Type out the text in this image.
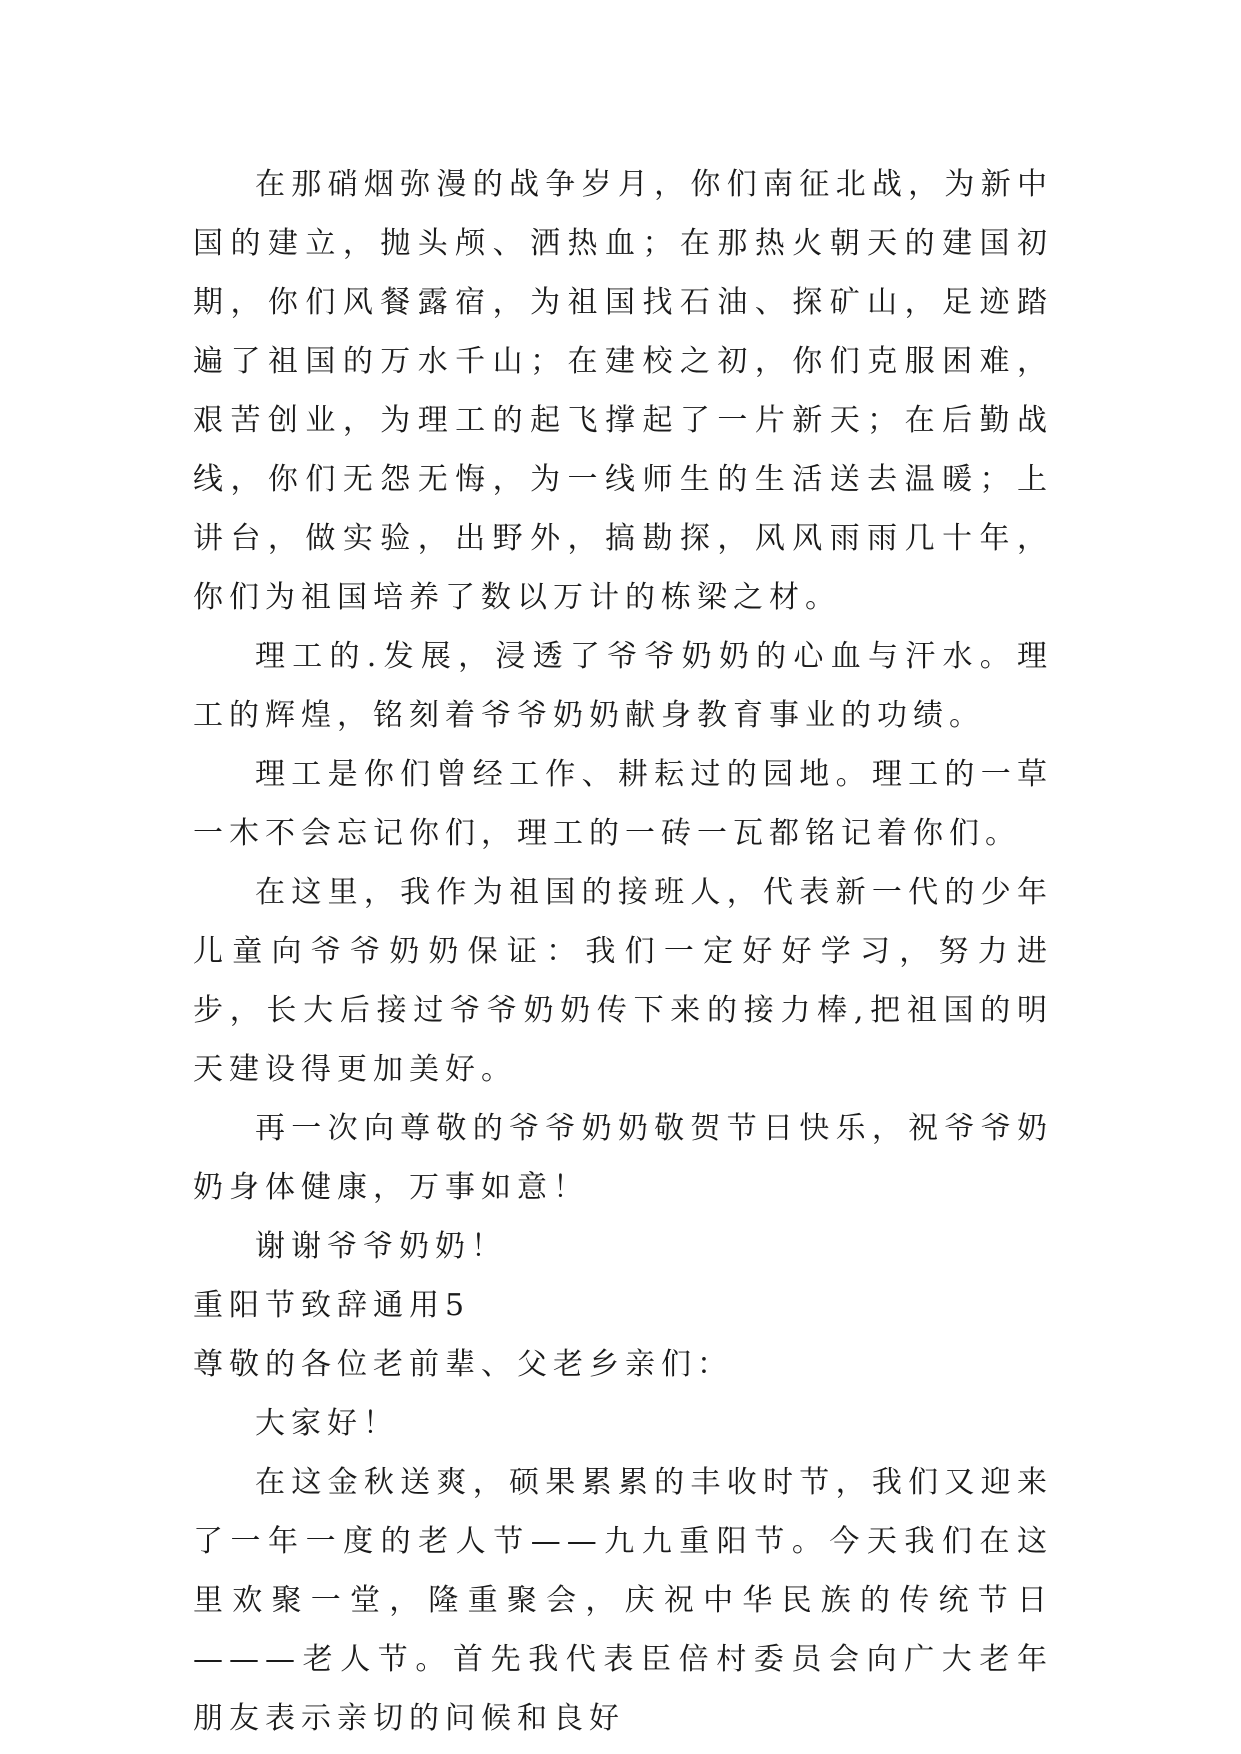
在那硝烟弥漫的战争岁月，你们南征北战，为新中国的建立，抛头颅、洒热血；在那热火朝天的建国初期，你们风餐露宿，为祖国找石油、探矿山，足迹踏遍了祖国的万水千山；在建校之初，你们克服困难，艰苦创业，为理工的起飞撑起了一片新天；在后勤战线，你们无怨无悔，为一线师生的生活送去温暖；上讲台，做实验，出野外，搞勘探，风风雨雨几十年，你们为祖国培养了数以万计的栋梁之材。

理工的.发展，浸透了爷爷奶奶的心血与汗水。理工的辉煌，铭刻着爷爷奶奶献身教育事业的功绩。

理工是你们曾经工作、耕耘过的园地。理工的一草一木不会忘记你们，理工的一砖一瓦都铭记着你们。

在这里，我作为祖国的接班人，代表新一代的少年儿童向爷爷奶奶保证：我们一定好好学习，努力进步，长大后接过爷爷奶奶传下来的接力棒,把祖国的明天建设得更加美好。

再一次向尊敬的爷爷奶奶敬贺节日快乐，祝爷爷奶奶身体健康，万事如意！

谢谢爷爷奶奶！

重阳节致辞通用5

尊敬的各位老前辈、父老乡亲们：

大家好！

在这金秋送爽，硕果累累的丰收时节，我们又迎来了一年一度的老人节——九九重阳节。今天我们在这里欢聚一堂，隆重聚会，庆祝中华民族的传统节日———老人节。首先我代表臣倍村委员会向广大老年朋友表示亲切的问候和良好
